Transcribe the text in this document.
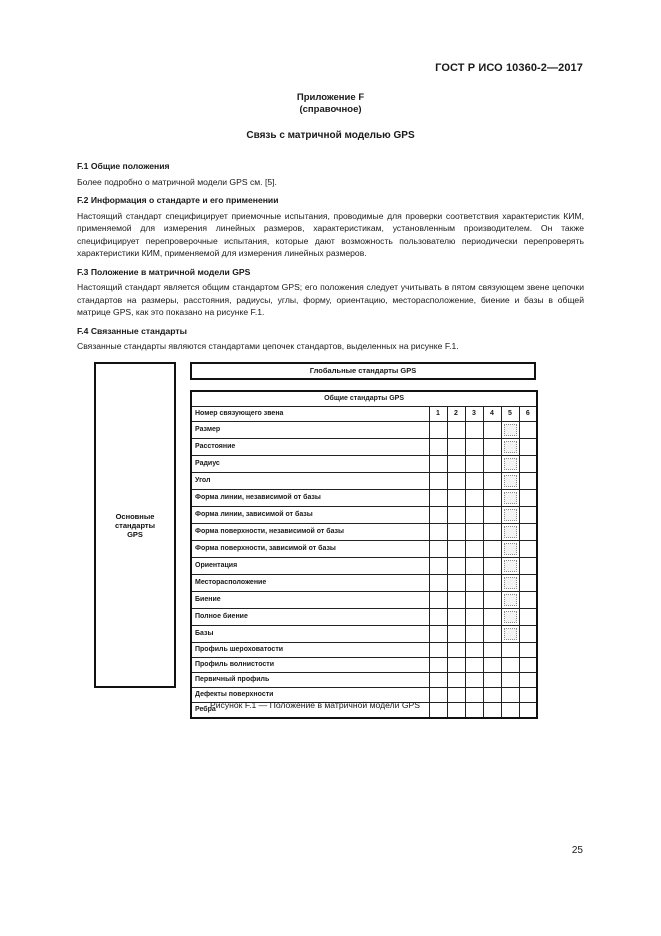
ГОСТ Р ИСО 10360-2—2017
Приложение F
(справочное)
Связь с матричной моделью GPS
F.1 Общие положения

Более подробно о матричной модели GPS см. [5].

F.2 Информация о стандарте и его применении

Настоящий стандарт специфицирует приемочные испытания, проводимые для проверки соответствия характеристик КИМ, применяемой для измерения линейных размеров, характеристикам, установленным производителем. Он также специфицирует перепроверочные испытания, которые дают возможность пользователю периодически перепроверять характеристики КИМ, применяемой для измерения линейных размеров.

F.3 Положение в матричной модели GPS

Настоящий стандарт является общим стандартом GPS; его положения следует учитывать в пятом связующем звене цепочки стандартов на размеры, расстояния, радиусы, углы, форму, ориентацию, месторасположение, биение и базы в общей матрице GPS, как это показано на рисунке F.1.

F.4 Связанные стандарты

Связанные стандарты являются стандартами цепочек стандартов, выделенных на рисунке F.1.

Основные
стандарты
GPS
Глобальные стандарты GPS
Общие стандарты GPS						
Номер связующего звена	1	2	3	4	5	6
Размер					

Расстояние					

Радиус					

Угол					

Форма линии, независимой от базы					

Форма линии, зависимой от базы					

Форма поверхности, независимой от базы					

Форма поверхности, зависимой от базы					

Ориентация					

Месторасположение					

Биение					

Полное биение					

Базы					

Профиль шероховатости						
Профиль волнистости						
Первичный профиль						
Дефекты поверхности						
Ребра						
Рисунок F.1 — Положение в матричной модели GPS
25
